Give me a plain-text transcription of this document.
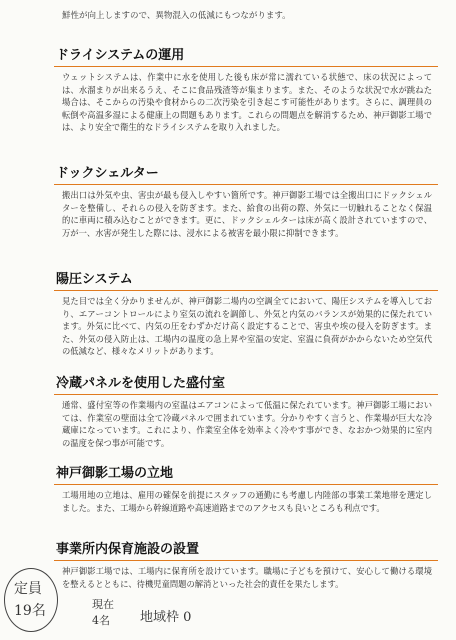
鮮性が向上しますので、異物混入の低減にもつながります。
ドライシステムの運用
ウェットシステムは、作業中に水を使用した後も床が常に濡れている状態で、床の状況によっては、水溜まりが出来るうえ、そこに食品残渣等が集まります。また、そのような状況で水が跳ねた場合は、そこからの汚染や食材からの二次汚染を引き起こす可能性があります。さらに、調理員の転倒や高温多湿による健康上の問題もあります。これらの問題点を解消するため、神戸御影工場では、より安全で衛生的なドライシステムを取り入れました。
ドックシェルター
搬出口は外気や虫、害虫が最も侵入しやすい箇所です。神戸御影工場では全搬出口にドックシェルターを整備し、それらの侵入を防ぎます。また、給食の出荷の際、外気に一切触れることなく保温的に車両に積み込むことができます。更に、ドックシェルターは床が高く設計されていますので、万が一、水害が発生した際には、浸水による被害を最小限に抑制できます。
陽圧システム
見た目では全く分かりませんが、神戸御影二場内の空調全てにおいて、陽圧システムを導入しており、エアーコントロールにより室気の流れを調節し、外気と内気のバランスが効果的に保たれています。外気に比べて、内気の圧をわずかだけ高く設定することで、害虫や埃の侵入を防ぎます。また、外気の侵入防止は、工場内の温度の急上昇や室温の安定、室温に負荷がかからないため空気代の低減など、様々なメリットがあります。
冷蔵パネルを使用した盛付室
通常、盛付室等の作業場内の室温はエアコンによって低温に保たれています。神戸御影工場においては、作業室の壁面は全て冷蔵パネルで囲まれています。分かりやすく言うと、作業場が巨大な冷蔵庫になっています。これにより、作業室全体を効率よく冷やす事ができ、なおかつ効果的に室内の温度を保つ事が可能です。
神戸御影工場の立地
工場用地の立地は、雇用の確保を前提にスタッフの通勤にも考慮し内陸部の事業工業地帯を選定しました。また、工場から幹線道路や高速道路までのアクセスも良いところも利点です。
事業所内保育施設の設置
神戸御影工場では、工場内に保育所を設けています。職場に子どもを預けて、安心して働ける環境を整えるとともに、待機児童問題の解消といった社会的責任を果たします。
定員
19名	現在
4名 地域枠 0
